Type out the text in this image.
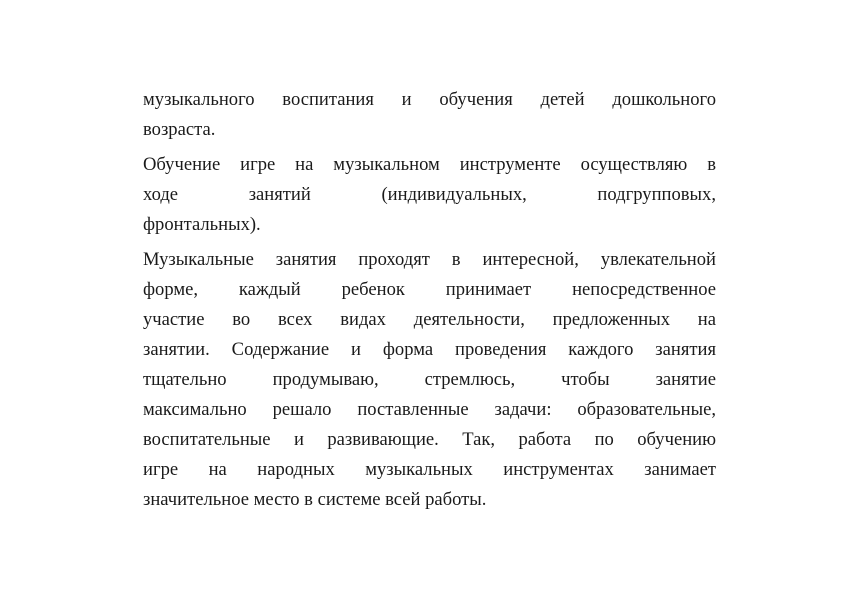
музыкального воспитания и обучения детей дошкольного
возраста.
Обучение игре на музыкальном инструменте осуществляю в
ходе занятий (индивидуальных, подгрупповых,
фронтальных).
Музыкальные занятия проходят в интересной, увлекательной
форме, каждый ребенок принимает непосредственное
участие во всех видах деятельности, предложенных на
занятии. Содержание и форма проведения каждого занятия
тщательно продумываю, стремлюсь, чтобы занятие
максимально решало поставленные задачи: образовательные,
воспитательные и развивающие. Так, работа по обучению
игре на народных музыкальных инструментах занимает
значительное место в системе всей работы.
